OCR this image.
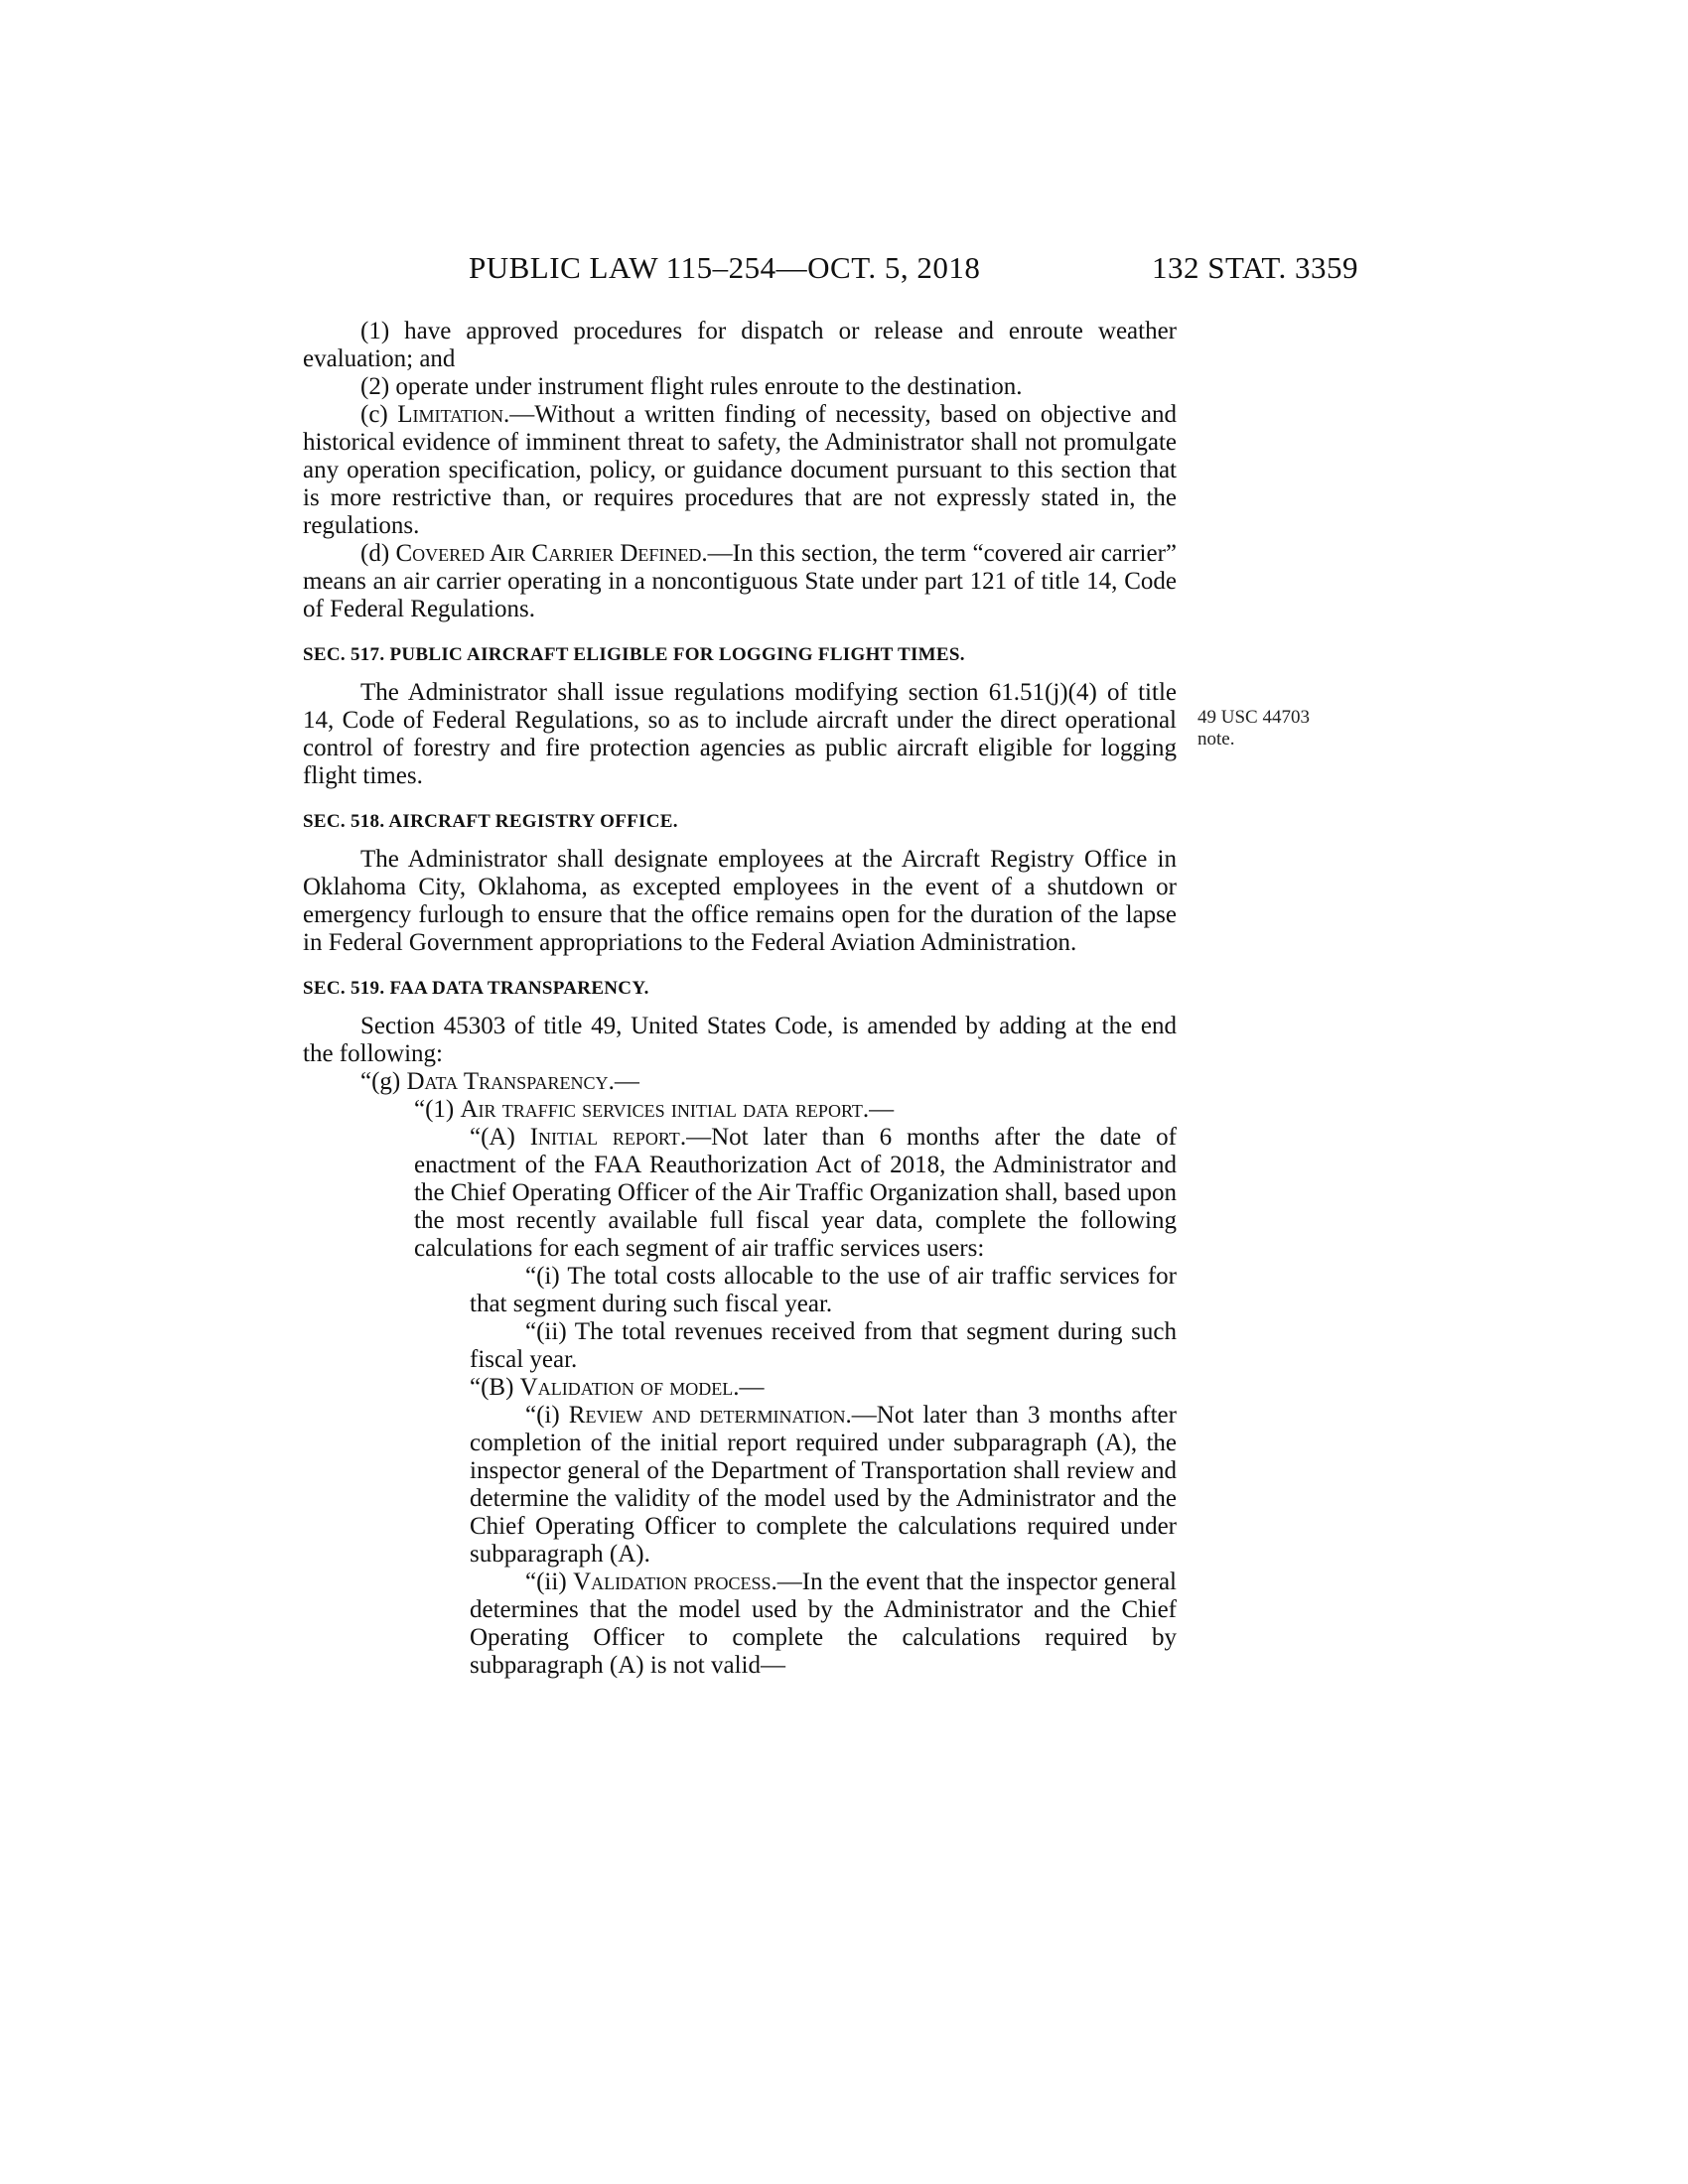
PUBLIC LAW 115–254—OCT. 5, 2018	132 STAT. 3359
49 USC 44703
note.

(1) have approved procedures for dispatch or release and enroute weather evaluation; and

(2) operate under instrument flight rules enroute to the destination.

(c) Limitation.—Without a written finding of necessity, based on objective and historical evidence of imminent threat to safety, the Administrator shall not promulgate any operation specification, policy, or guidance document pursuant to this section that is more restrictive than, or requires procedures that are not expressly stated in, the regulations.

(d) Covered Air Carrier Defined.—In this section, the term “covered air carrier” means an air carrier operating in a noncontiguous State under part 121 of title 14, Code of Federal Regulations.

SEC. 517. PUBLIC AIRCRAFT ELIGIBLE FOR LOGGING FLIGHT TIMES.

The Administrator shall issue regulations modifying section 61.51(j)(4) of title 14, Code of Federal Regulations, so as to include aircraft under the direct operational control of forestry and fire protection agencies as public aircraft eligible for logging flight times.

SEC. 518. AIRCRAFT REGISTRY OFFICE.

The Administrator shall designate employees at the Aircraft Registry Office in Oklahoma City, Oklahoma, as excepted employees in the event of a shutdown or emergency furlough to ensure that the office remains open for the duration of the lapse in Federal Government appropriations to the Federal Aviation Administration.

SEC. 519. FAA DATA TRANSPARENCY.

Section 45303 of title 49, United States Code, is amended by adding at the end the following:

“(g) Data Transparency.—

“(1) Air traffic services initial data report.—

“(A) Initial report.—Not later than 6 months after the date of enactment of the FAA Reauthorization Act of 2018, the Administrator and the Chief Operating Officer of the Air Traffic Organization shall, based upon the most recently available full fiscal year data, complete the following calculations for each segment of air traffic services users:

“(i) The total costs allocable to the use of air traffic services for that segment during such fiscal year.

“(ii) The total revenues received from that segment during such fiscal year.

“(B) Validation of model.—

“(i) Review and determination.—Not later than 3 months after completion of the initial report required under subparagraph (A), the inspector general of the Department of Transportation shall review and determine the validity of the model used by the Administrator and the Chief Operating Officer to complete the calculations required under subparagraph (A).

“(ii) Validation process.—In the event that the inspector general determines that the model used by the Administrator and the Chief Operating Officer to complete the calculations required by subparagraph (A) is not valid—
